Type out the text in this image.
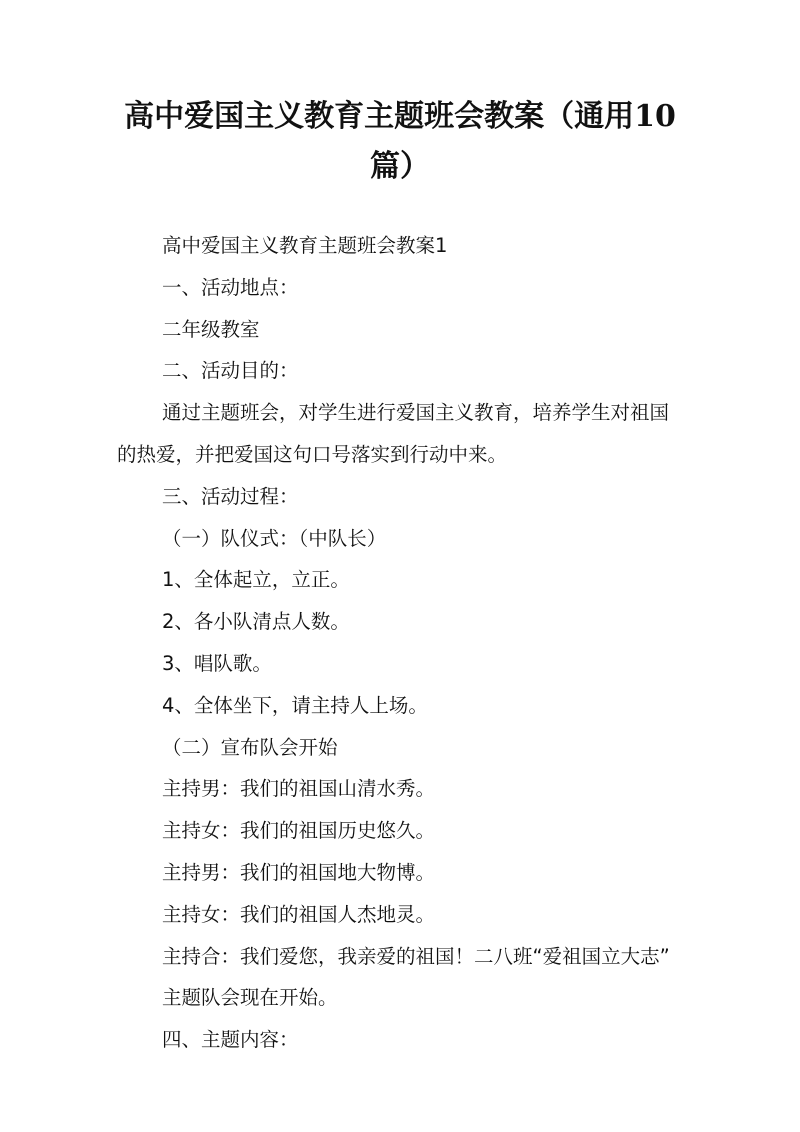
高中爱国主义教育主题班会教案（通用10篇）

高中爱国主义教育主题班会教案1

一、活动地点：

二年级教室

二、活动目的：

通过主题班会，对学生进行爱国主义教育，培养学生对祖国的热爱，并把爱国这句口号落实到行动中来。

三、活动过程：

（一）队仪式：（中队长）

1、全体起立，立正。

2、各小队清点人数。

3、唱队歌。

4、全体坐下，请主持人上场。

（二）宣布队会开始

主持男：我们的祖国山清水秀。

主持女：我们的祖国历史悠久。

主持男：我们的祖国地大物博。

主持女：我们的祖国人杰地灵。

主持合：我们爱您，我亲爱的祖国！二八班“爱祖国立大志”

主题队会现在开始。

四、主题内容：
